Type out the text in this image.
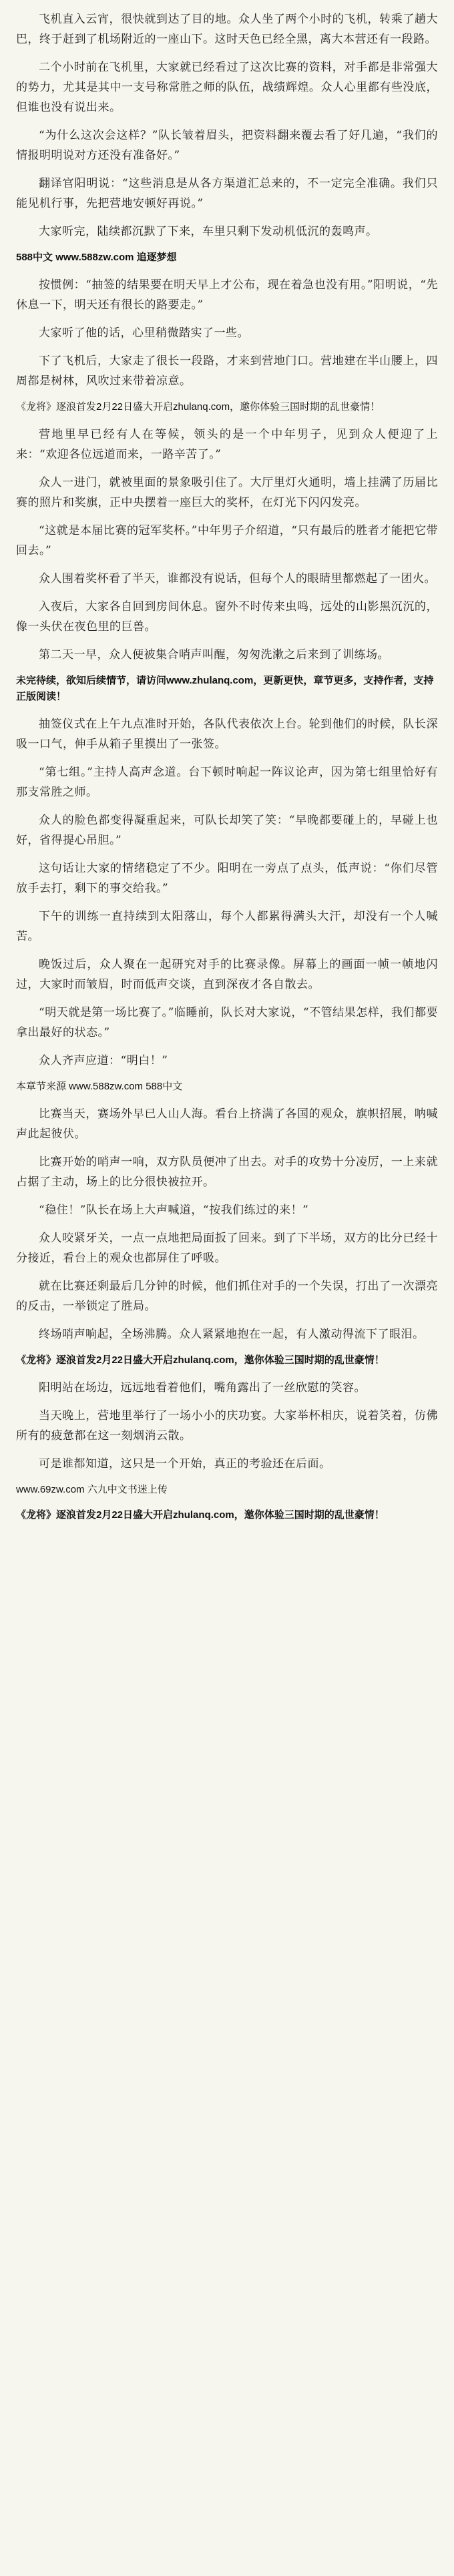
飞机直入云宵，很快就到达了目的地。众人坐了两个小时的飞机，转乘了趟大巴，终于赶到了机场附近的一座山下。这时天色已经全黑，离大本营还有一段路。

二个小时前在飞机里，大家就已经看过了这次比赛的资料，对手都是非常强大的势力，尤其是其中一支号称常胜之师的队伍，战绩辉煌。众人心里都有些没底，但谁也没有说出来。

“为什么这次会这样？”队长皱着眉头，把资料翻来覆去看了好几遍，“我们的情报明明说对方还没有准备好。”

翻译官阳明说：“这些消息是从各方渠道汇总来的，不一定完全准确。我们只能见机行事，先把营地安顿好再说。”

大家听完，陆续都沉默了下来，车里只剩下发动机低沉的轰鸣声。

588中文 www.588zw.com 追逐梦想

按惯例：“抽签的结果要在明天早上才公布，现在着急也没有用。”阳明说，“先休息一下，明天还有很长的路要走。”

大家听了他的话，心里稍微踏实了一些。

下了飞机后，大家走了很长一段路，才来到营地门口。营地建在半山腰上，四周都是树林，风吹过来带着凉意。

《龙将》逐浪首发2月22日盛大开启zhulanq.com，邀你体验三国时期的乱世豪情！

营地里早已经有人在等候，领头的是一个中年男子，见到众人便迎了上来：“欢迎各位远道而来，一路辛苦了。”

众人一进门，就被里面的景象吸引住了。大厅里灯火通明，墙上挂满了历届比赛的照片和奖旗，正中央摆着一座巨大的奖杯，在灯光下闪闪发亮。

“这就是本届比赛的冠军奖杯。”中年男子介绍道，“只有最后的胜者才能把它带回去。”

众人围着奖杯看了半天，谁都没有说话，但每个人的眼睛里都燃起了一团火。

入夜后，大家各自回到房间休息。窗外不时传来虫鸣，远处的山影黑沉沉的，像一头伏在夜色里的巨兽。

第二天一早，众人便被集合哨声叫醒，匆匆洗漱之后来到了训练场。

未完待续，欲知后续情节，请访问www.zhulanq.com，更新更快，章节更多，支持作者，支持正版阅读！

抽签仪式在上午九点准时开始，各队代表依次上台。轮到他们的时候，队长深吸一口气，伸手从箱子里摸出了一张签。

“第七组。”主持人高声念道。台下顿时响起一阵议论声，因为第七组里恰好有那支常胜之师。

众人的脸色都变得凝重起来，可队长却笑了笑：“早晚都要碰上的，早碰上也好，省得提心吊胆。”

这句话让大家的情绪稳定了不少。阳明在一旁点了点头，低声说：“你们尽管放手去打，剩下的事交给我。”

下午的训练一直持续到太阳落山，每个人都累得满头大汗，却没有一个人喊苦。

晚饭过后，众人聚在一起研究对手的比赛录像。屏幕上的画面一帧一帧地闪过，大家时而皱眉，时而低声交谈，直到深夜才各自散去。

“明天就是第一场比赛了。”临睡前，队长对大家说，“不管结果怎样，我们都要拿出最好的状态。”

众人齐声应道：“明白！”

本章节来源 www.588zw.com 588中文

比赛当天，赛场外早已人山人海。看台上挤满了各国的观众，旗帜招展，呐喊声此起彼伏。

比赛开始的哨声一响，双方队员便冲了出去。对手的攻势十分凌厉，一上来就占据了主动，场上的比分很快被拉开。

“稳住！”队长在场上大声喊道，“按我们练过的来！”

众人咬紧牙关，一点一点地把局面扳了回来。到了下半场，双方的比分已经十分接近，看台上的观众也都屏住了呼吸。

就在比赛还剩最后几分钟的时候，他们抓住对手的一个失误，打出了一次漂亮的反击，一举锁定了胜局。

终场哨声响起，全场沸腾。众人紧紧地抱在一起，有人激动得流下了眼泪。

《龙将》逐浪首发2月22日盛大开启zhulanq.com，邀你体验三国时期的乱世豪情！

阳明站在场边，远远地看着他们，嘴角露出了一丝欣慰的笑容。

当天晚上，营地里举行了一场小小的庆功宴。大家举杯相庆，说着笑着，仿佛所有的疲惫都在这一刻烟消云散。

可是谁都知道，这只是一个开始，真正的考验还在后面。

www.69zw.com 六九中文书迷上传
《龙将》逐浪首发2月22日盛大开启zhulanq.com，邀你体验三国时期的乱世豪情！
